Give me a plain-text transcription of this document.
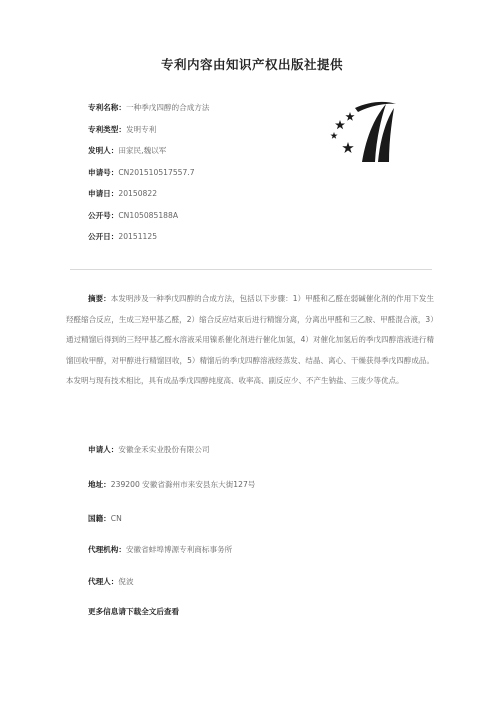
专利内容由知识产权出版社提供
专利名称：一种季戊四醇的合成方法
专利类型：发明专利
发明人：田家民,魏以军
申请号：CN201510517557.7
申请日：20150822
公开号：CN105085188A
公开日：20151125

摘要：本发明涉及一种季戊四醇的合成方法，包括以下步骤：1）甲醛和乙醛在弱碱催化剂的作用下发生羟醛缩合反应，生成三羟甲基乙醛，2）缩合反应结束后进行精馏分离，分离出甲醛和三乙胺、甲醛混合液，3）通过精馏后得到的三羟甲基乙醛水溶液采用镍系催化剂进行催化加氢，4）对催化加氢后的季戊四醇溶液进行精馏回收甲醇，对甲醇进行精馏回收，5）精馏后的季戊四醇溶液经蒸发、结晶、离心、干燥获得季戊四醇成品。本发明与现有技术相比，具有成品季戊四醇纯度高、收率高、副反应少、不产生钠盐、三废少等优点。

申请人：安徽金禾实业股份有限公司
地址：239200 安徽省滁州市来安县东大街127号
国籍：CN
代理机构：安徽省蚌埠博源专利商标事务所
代理人：倪波
更多信息请下载全文后查看
